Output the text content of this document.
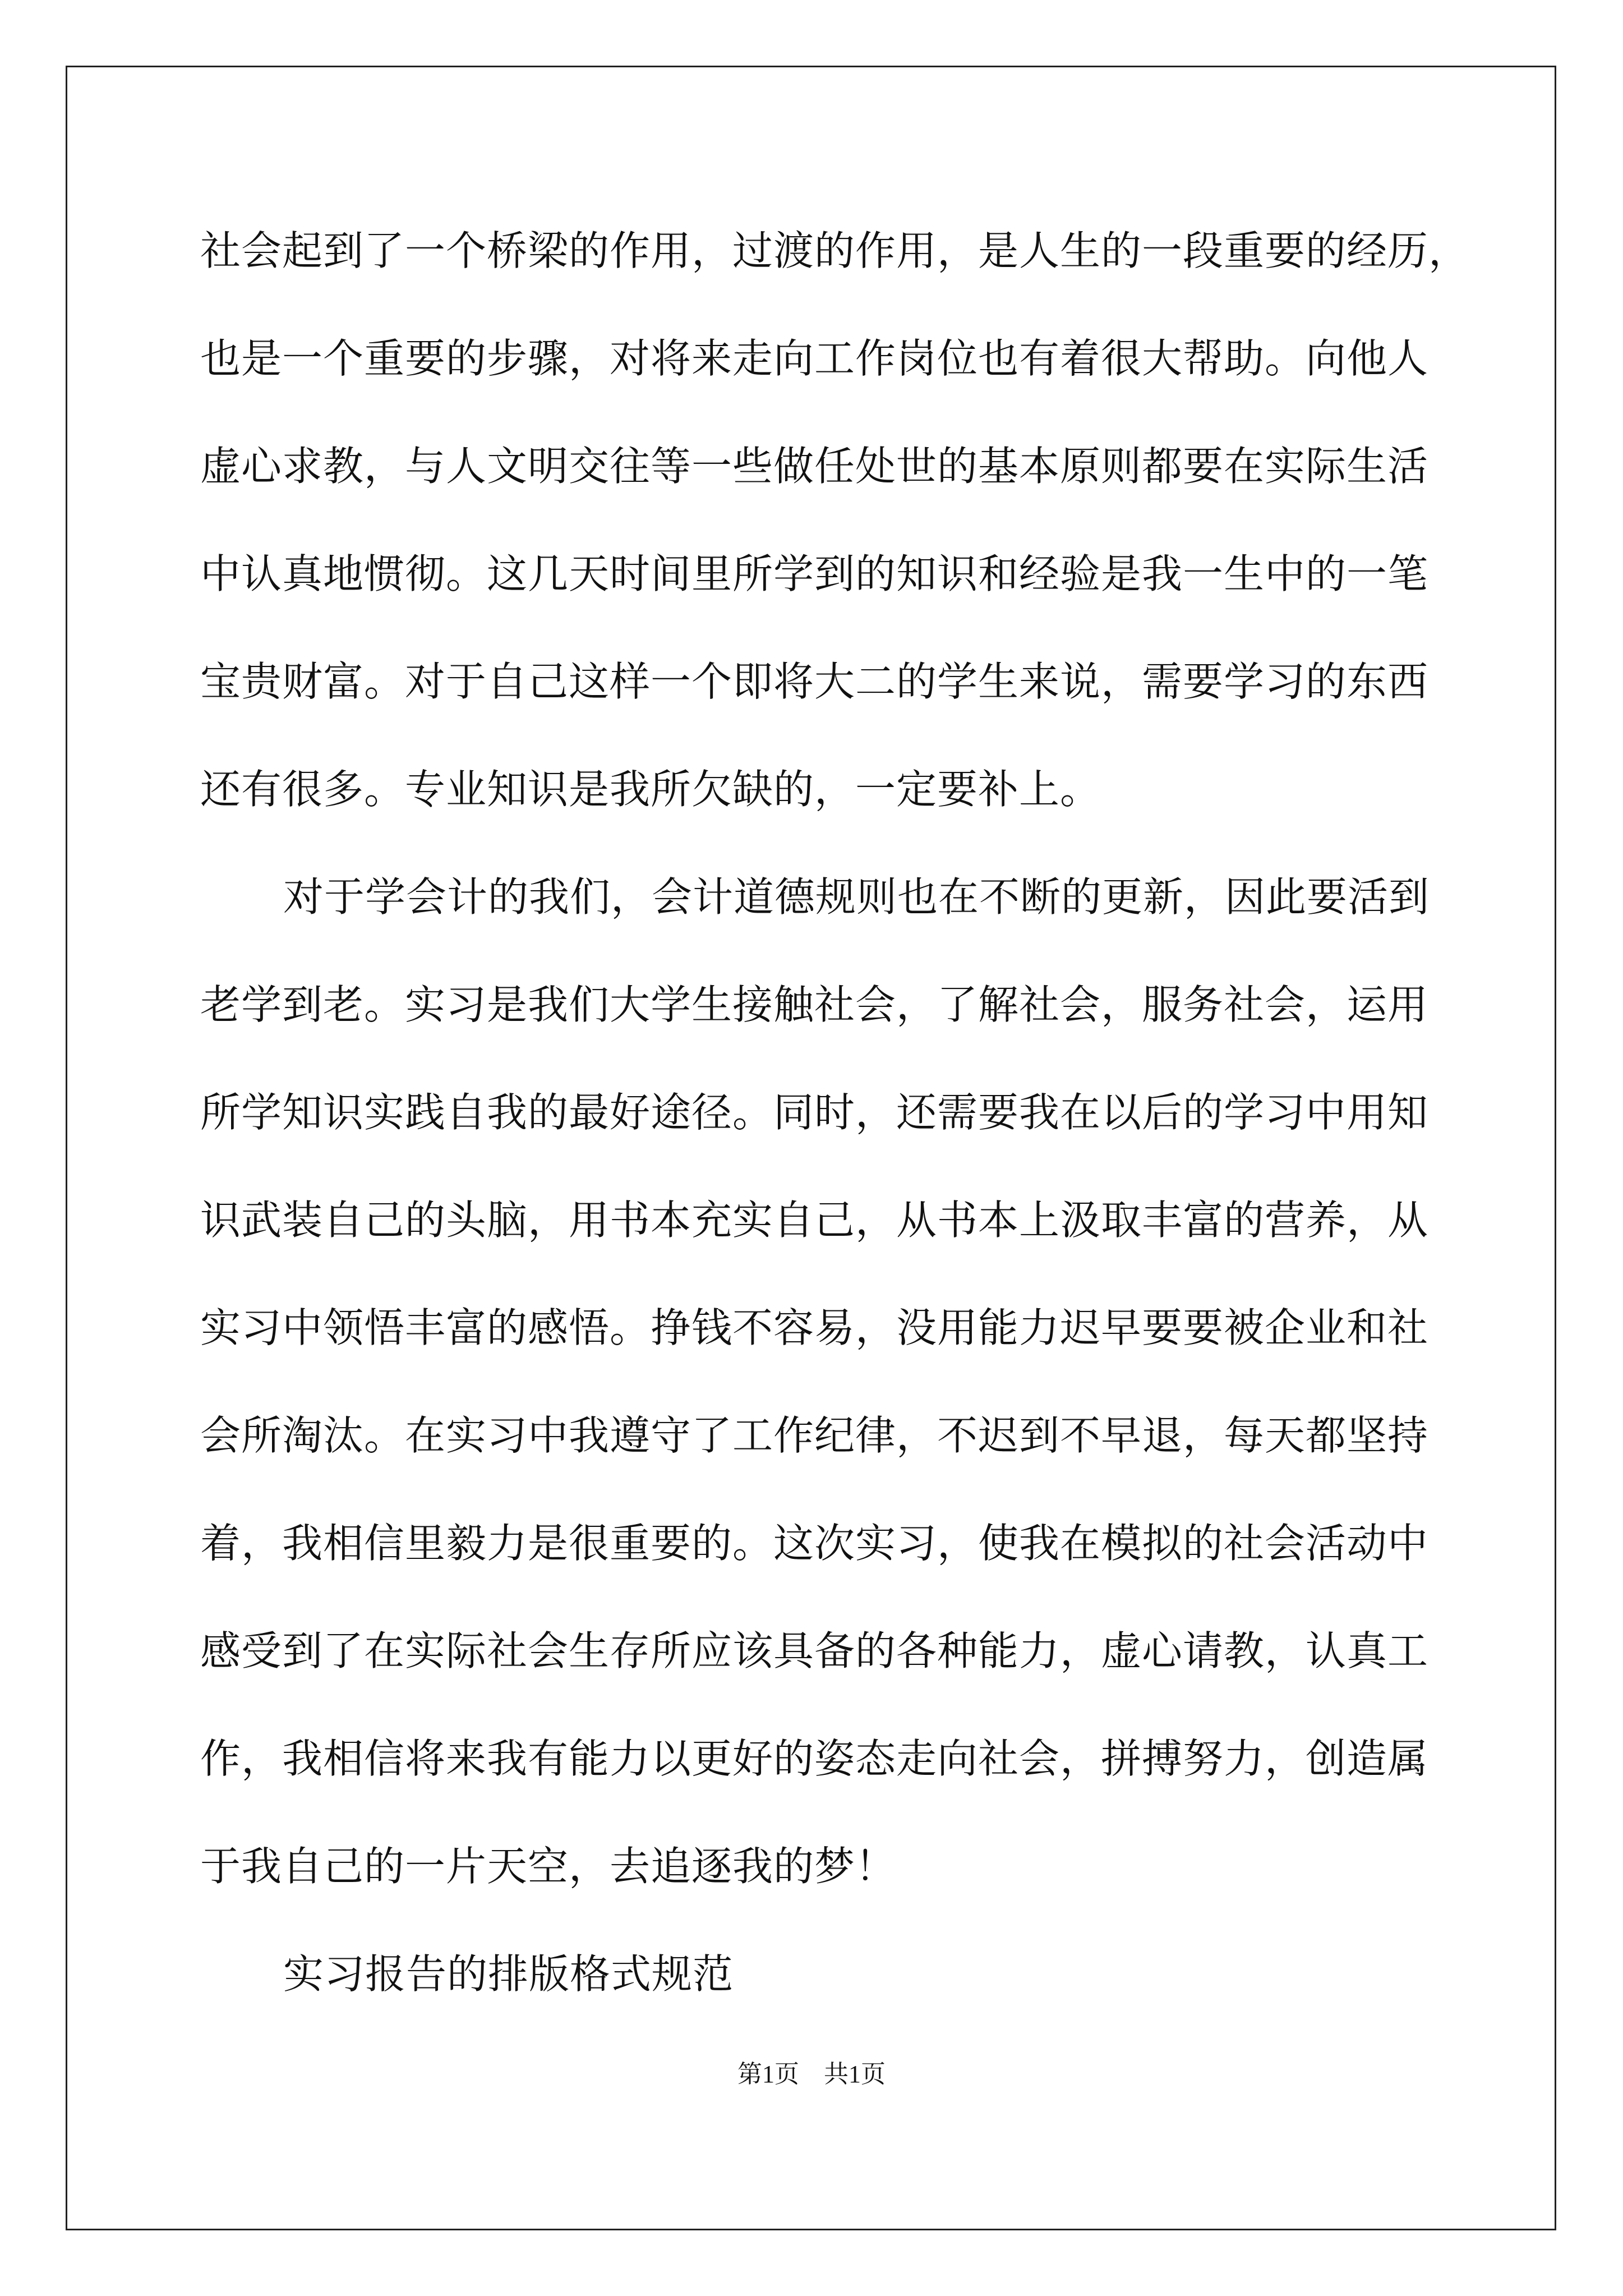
社会起到了一个桥梁的作用，过渡的作用，是人生的一段重要的经历，
也是一个重要的步骤，对将来走向工作岗位也有着很大帮助。向他人
虚心求教，与人文明交往等一些做任处世的基本原则都要在实际生活
中认真地惯彻。这几天时间里所学到的知识和经验是我一生中的一笔
宝贵财富。对于自己这样一个即将大二的学生来说，需要学习的东西
还有很多。专业知识是我所欠缺的，一定要补上。
对于学会计的我们，会计道德规则也在不断的更新，因此要活到
老学到老。实习是我们大学生接触社会，了解社会，服务社会，运用
所学知识实践自我的最好途径。同时，还需要我在以后的学习中用知
识武装自己的头脑，用书本充实自己，从书本上汲取丰富的营养，从
实习中领悟丰富的感悟。挣钱不容易，没用能力迟早要要被企业和社
会所淘汰。在实习中我遵守了工作纪律，不迟到不早退，每天都坚持
着，我相信里毅力是很重要的。这次实习，使我在模拟的社会活动中
感受到了在实际社会生存所应该具备的各种能力，虚心请教，认真工
作，我相信将来我有能力以更好的姿态走向社会，拼搏努力，创造属
于我自己的一片天空，去追逐我的梦！
实习报告的排版格式规范
第1页　共1页
